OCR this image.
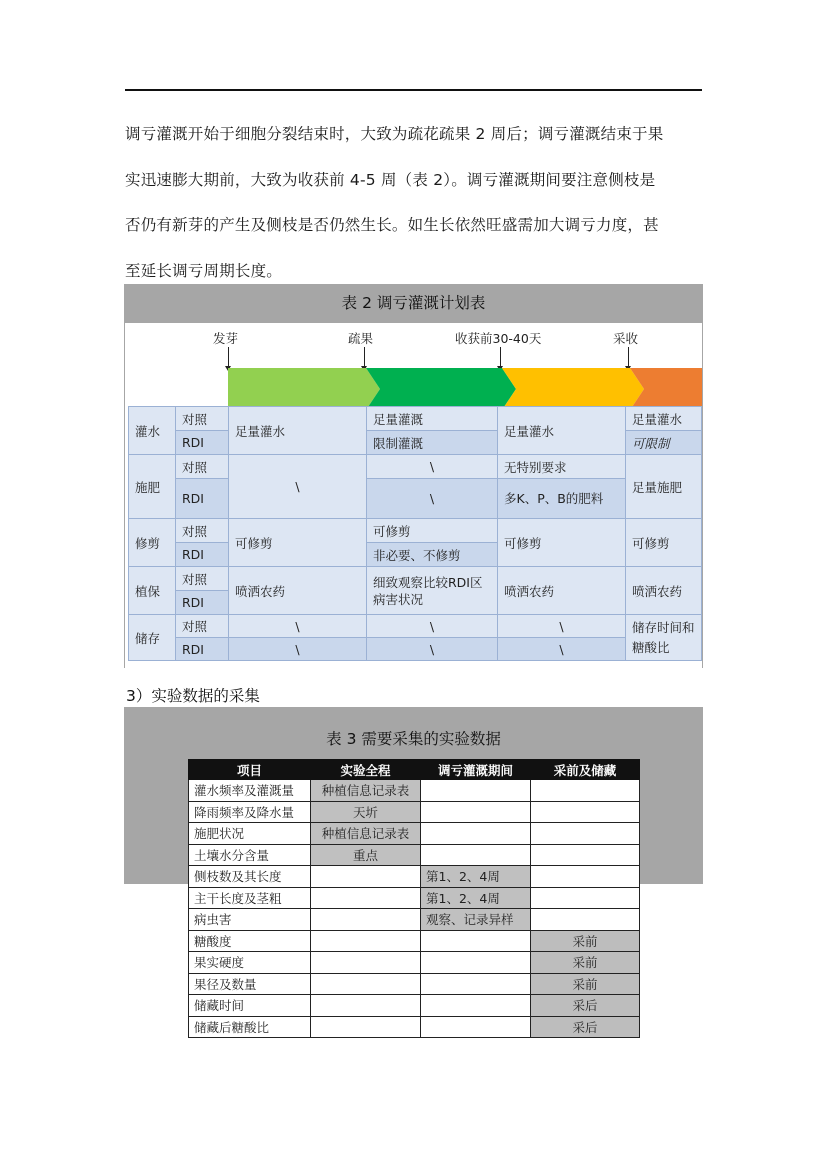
调亏灌溉开始于细胞分裂结束时，大致为疏花疏果 2 周后；调亏灌溉结束于果
实迅速膨大期前，大致为收获前 4-5 周（表 2）。调亏灌溉期间要注意侧枝是
否仍有新芽的产生及侧枝是否仍然生长。如生长依然旺盛需加大调亏力度，甚
至延长调亏周期长度。
表 2 调亏灌溉计划表
发芽	疏果	收获前30-40天	采收
灌水	对照	足量灌水	足量灌溉	足量灌水	足量灌水
	RDI		限制灌溉		可限制
施肥	对照	\	\	无特别要求	足量施肥
	RDI		\	多K、P、B的肥料	
修剪	对照	可修剪	可修剪	可修剪	可修剪
	RDI		非必要、不修剪		
植保	对照	喷洒农药	细致观察比较RDI区病害状况	喷洒农药	喷洒农药
	RDI				
储存	对照	\	\	\	储存时间和糖酸比
	RDI	\	\	\	
3）实验数据的采集
表 3 需要采集的实验数据
项目	实验全程	调亏灌溉期间	采前及储藏
灌水频率及灌溉量	种植信息记录表		
降雨频率及降水量	天圻		
施肥状况	种植信息记录表		
土壤水分含量	重点		
侧枝数及其长度		第1、2、4周	
主干长度及茎粗		第1、2、4周	
病虫害		观察、记录异样	
糖酸度			采前
果实硬度			采前
果径及数量			采前
储藏时间			采后
储藏后糖酸比			采后
